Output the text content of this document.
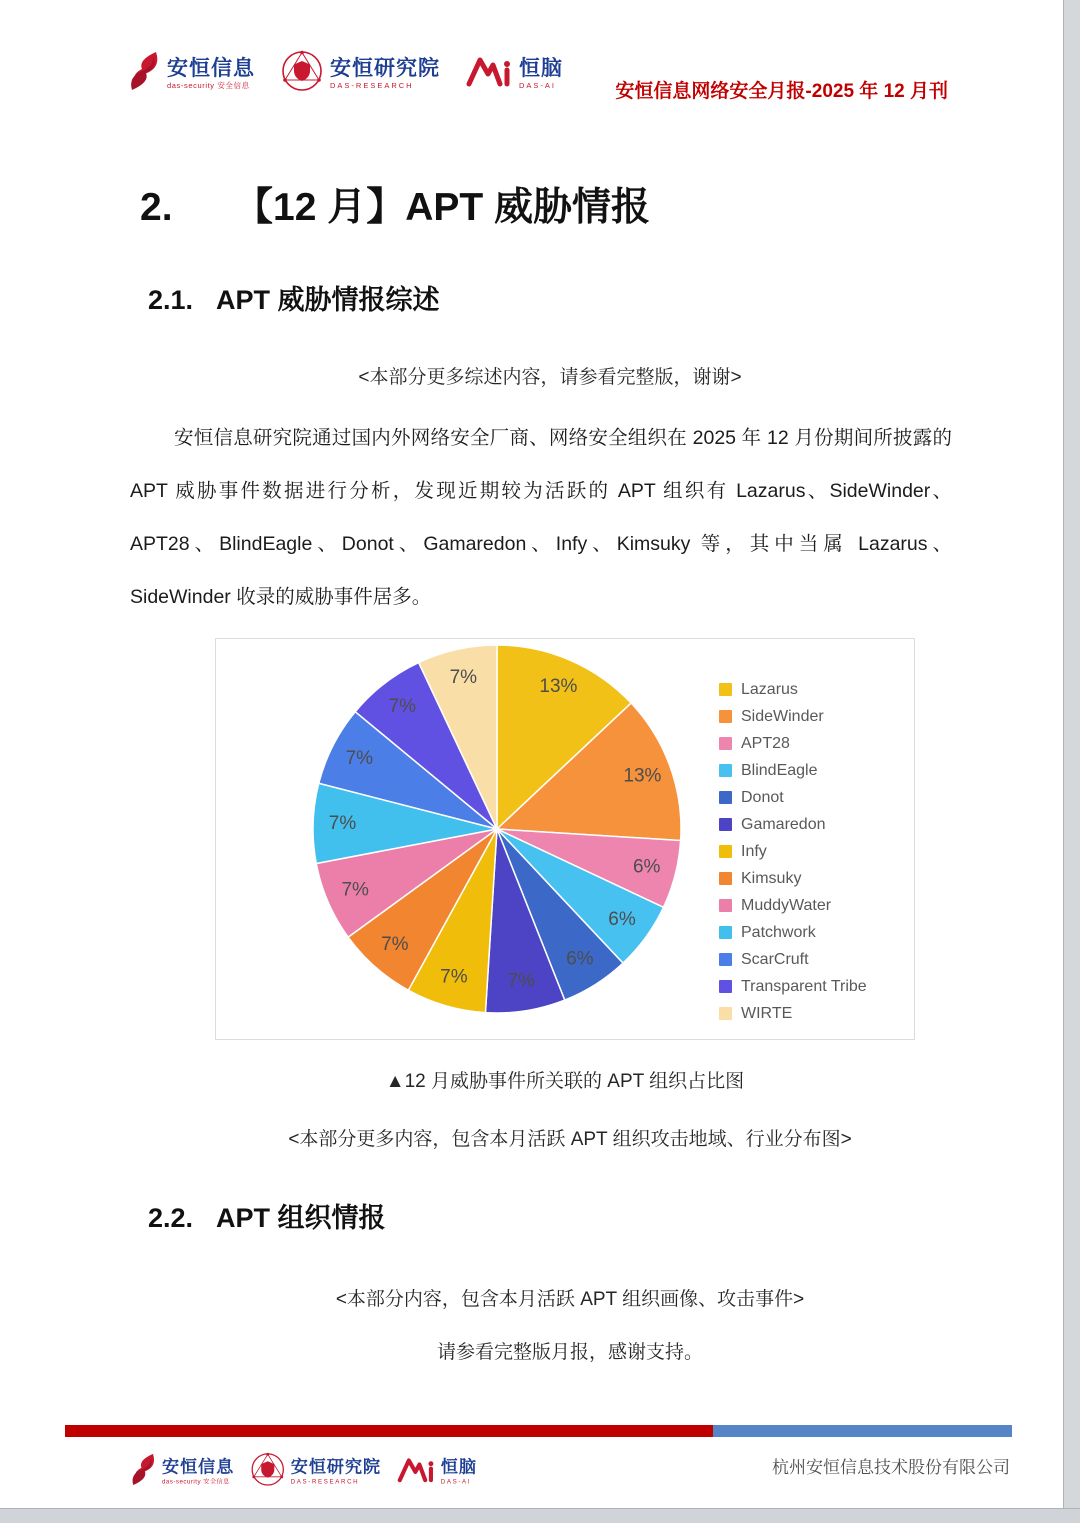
安恒信息
das-security 安全信息
安恒研究院
DAS-RESEARCH
恒脑
DAS-AI	安恒信息网络安全月报-2025 年 12 月刊
2. 【12 月】APT 威胁情报
2.1. APT 威胁情报综述
<本部分更多综述内容，请参看完整版，谢谢>
安恒信息研究院通过国内外网络安全厂商、网络安全组织在 2025 年 12 月份期间所披露的 APT 威胁事件数据进行分析，发现近期较为活跃的 APT 组织有 Lazarus、SideWinder、APT28、BlindEagle、Donot、Gamaredon、Infy、Kimsuky 等，其中当属 Lazarus、SideWinder 收录的威胁事件居多。
13%
13%
6%
6%
6%
7%
7%
7%
7%
7%
7%
7%
7%
Lazarus
SideWinder
APT28
BlindEagle
Donot
Gamaredon
Infy
Kimsuky
MuddyWater
Patchwork
ScarCruft
Transparent Tribe
WIRTE
▲12 月威胁事件所关联的 APT 组织占比图
<本部分更多内容，包含本月活跃 APT 组织攻击地域、行业分布图>
2.2. APT 组织情报
<本部分内容，包含本月活跃 APT 组织画像、攻击事件>
请参看完整版月报，感谢支持。
安恒信息
das-security 安全信息
安恒研究院
DAS-RESEARCH
恒脑
DAS-AI
杭州安恒信息技术股份有限公司
